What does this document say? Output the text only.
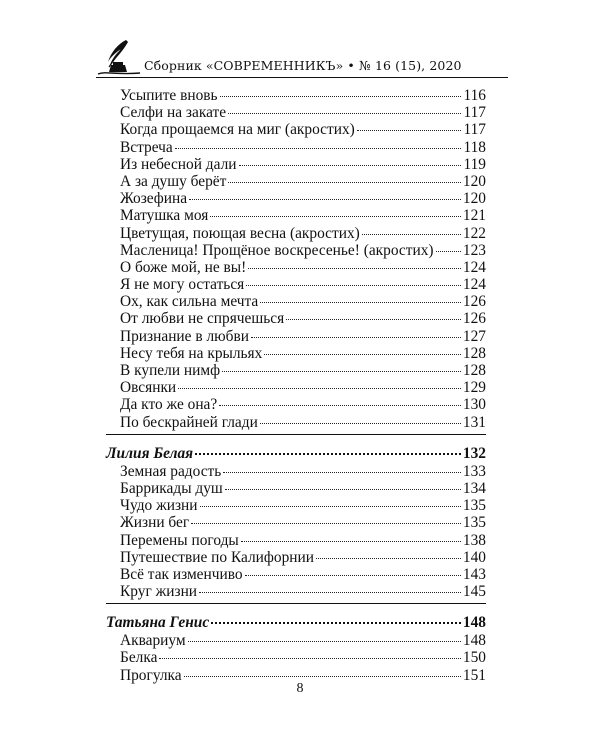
Сборник «СОВРЕМЕННИКЪ» • № 16 (15), 2020
Усыпите вновь	116
Селфи на закате	117
Когда прощаемся на миг (акростих)	117
Встреча	118
Из небесной дали	119
А за душу берёт	120
Жозефина	120
Матушка моя	121
Цветущая, поющая весна (акростих)	122
Масленица! Прощёное воскресенье! (акростих) 123
О боже мой, не вы!	124
Я не могу остаться	124
Ох, как сильна мечта	126
От любви не спрячешься	126
Признание в любви	127
Несу тебя на крыльях	128
В купели нимф	128
Овсянки	129
Да кто же она?	130
По бескрайней глади	131
Лилия Белая	132
Земная радость	133
Баррикады душ	134
Чудо жизни	135
Жизни бег	135
Перемены погоды	138
Путешествие по Калифорнии	140
Всё так изменчиво	143
Круг жизни	145
Татьяна Генис	148
Аквариум	148
Белка	150
Прогулка	151
8
